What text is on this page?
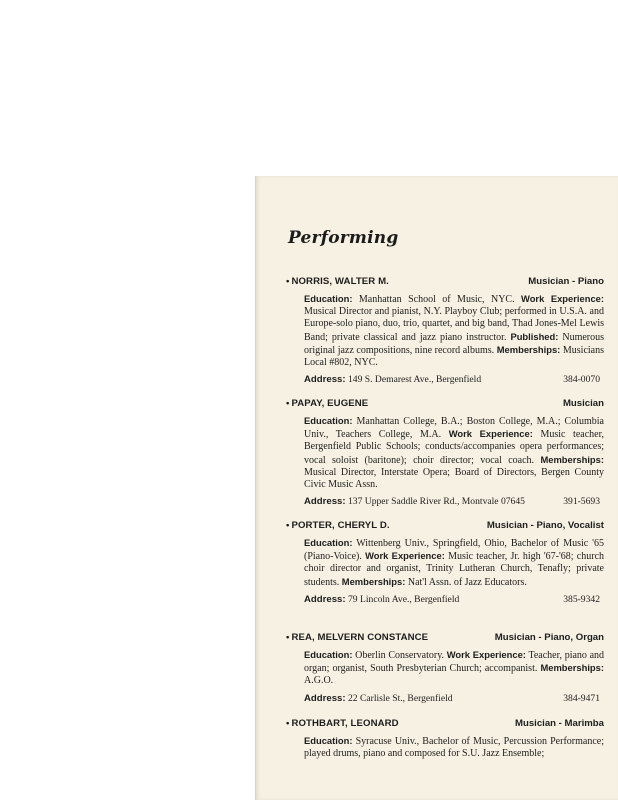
Performing
• NORRIS, WALTER M.	Musician - Piano
Education: Manhattan School of Music, NYC. Work Experience: Musical Director and pianist, N.Y. Playboy Club; performed in U.S.A. and Europe-solo piano, duo, trio, quartet, and big band, Thad Jones-Mel Lewis Band; private classical and jazz piano instructor. Published: Numerous original jazz compositions, nine record albums. Memberships: Musicians Local #802, NYC.
Address: 149 S. Demarest Ave., Bergenfield	384-0070
• PAPAY, EUGENE	Musician
Education: Manhattan College, B.A.; Boston College, M.A.; Columbia Univ., Teachers College, M.A. Work Experience: Music teacher, Bergenfield Public Schools; conducts/accompanies opera performances; vocal soloist (baritone); choir director; vocal coach. Memberships: Musical Director, Interstate Opera; Board of Directors, Bergen County Civic Music Assn.
Address: 137 Upper Saddle River Rd., Montvale 07645	391-5693
• PORTER, CHERYL D.	Musician - Piano, Vocalist
Education: Wittenberg Univ., Springfield, Ohio, Bachelor of Music '65 (Piano-Voice). Work Experience: Music teacher, Jr. high '67-'68; church choir director and organist, Trinity Lutheran Church, Tenafly; private students. Memberships: Nat'l Assn. of Jazz Educators.
Address: 79 Lincoln Ave., Bergenfield	385-9342
• REA, MELVERN CONSTANCE	Musician - Piano, Organ
Education: Oberlin Conservatory. Work Experience: Teacher, piano and organ; organist, South Presbyterian Church; accompanist. Memberships: A.G.O.
Address: 22 Carlisle St., Bergenfield	384-9471
• ROTHBART, LEONARD	Musician - Marimba
Education: Syracuse Univ., Bachelor of Music, Percussion Performance; played drums, piano and composed for S.U. Jazz Ensemble;
